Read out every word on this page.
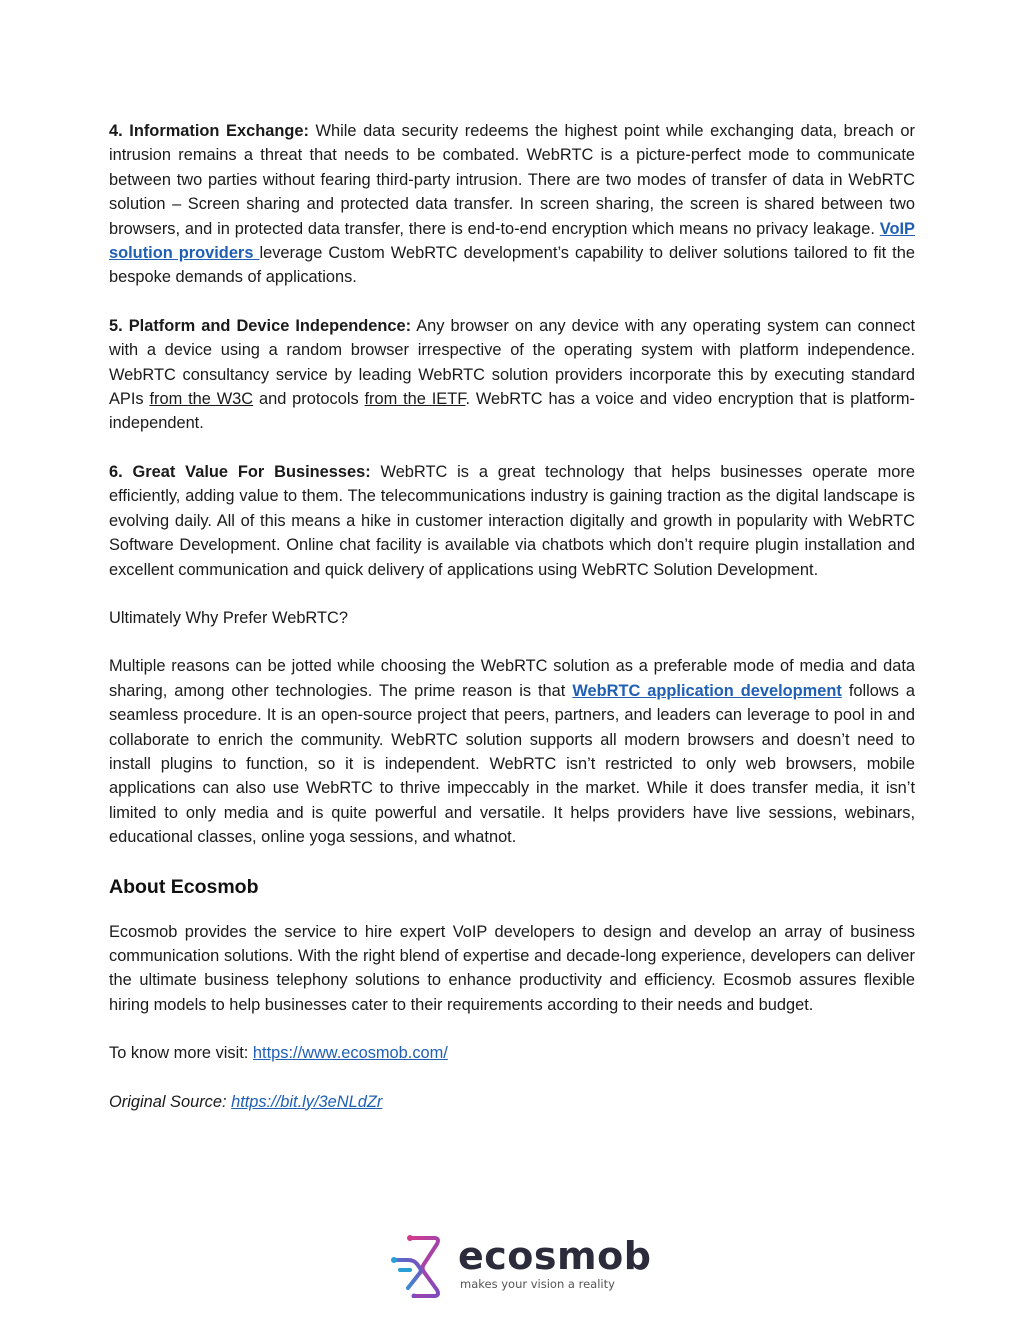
4. Information Exchange: While data security redeems the highest point while exchanging data, breach or intrusion remains a threat that needs to be combated. WebRTC is a picture-perfect mode to communicate between two parties without fearing third-party intrusion. There are two modes of transfer of data in WebRTC solution – Screen sharing and protected data transfer. In screen sharing, the screen is shared between two browsers, and in protected data transfer, there is end-to-end encryption which means no privacy leakage. VoIP solution providers leverage Custom WebRTC development’s capability to deliver solutions tailored to fit the bespoke demands of applications.

5. Platform and Device Independence: Any browser on any device with any operating system can connect with a device using a random browser irrespective of the operating system with platform independence. WebRTC consultancy service by leading WebRTC solution providers incorporate this by executing standard APIs from the W3C and protocols from the IETF. WebRTC has a voice and video encryption that is platform-independent.

6. Great Value For Businesses: WebRTC is a great technology that helps businesses operate more efficiently, adding value to them. The telecommunications industry is gaining traction as the digital landscape is evolving daily. All of this means a hike in customer interaction digitally and growth in popularity with WebRTC Software Development. Online chat facility is available via chatbots which don’t require plugin installation and excellent communication and quick delivery of applications using WebRTC Solution Development.

Ultimately Why Prefer WebRTC?

Multiple reasons can be jotted while choosing the WebRTC solution as a preferable mode of media and data sharing, among other technologies. The prime reason is that WebRTC application development follows a seamless procedure. It is an open-source project that peers, partners, and leaders can leverage to pool in and collaborate to enrich the community. WebRTC solution supports all modern browsers and doesn’t need to install plugins to function, so it is independent. WebRTC isn’t restricted to only web browsers, mobile applications can also use WebRTC to thrive impeccably in the market. While it does transfer media, it isn’t limited to only media and is quite powerful and versatile. It helps providers have live sessions, webinars, educational classes, online yoga sessions, and whatnot.

About Ecosmob

Ecosmob provides the service to hire expert VoIP developers to design and develop an array of business communication solutions. With the right blend of expertise and decade-long experience, developers can deliver the ultimate business telephony solutions to enhance productivity and efficiency. Ecosmob assures flexible hiring models to help businesses cater to their requirements according to their needs and budget.

To know more visit: https://www.ecosmob.com/

Original Source: https://bit.ly/3eNLdZr

ecosmob
makes your vision a reality
